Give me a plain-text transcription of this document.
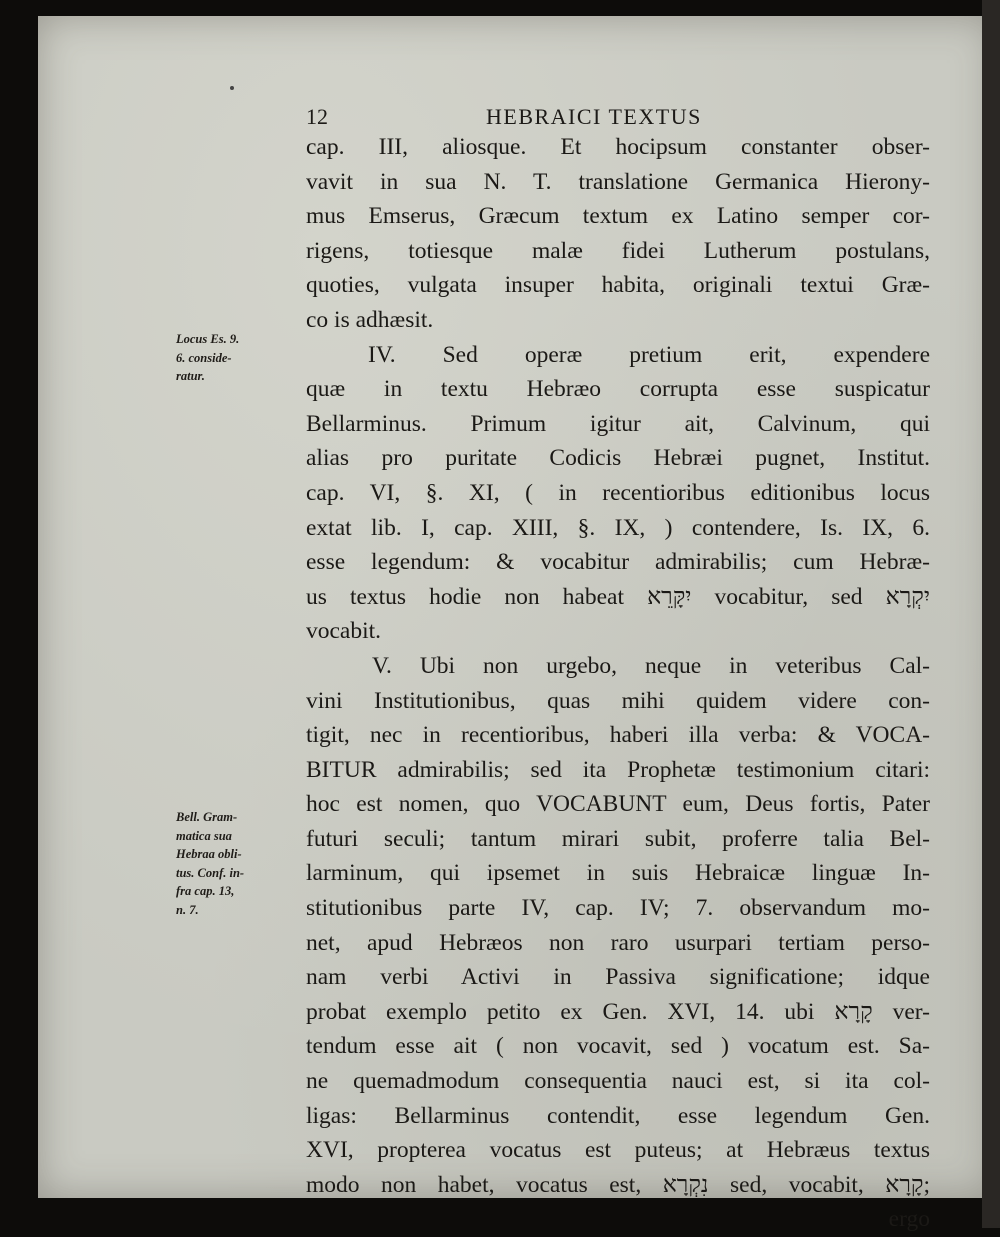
12	HEBRAICI TEXTUS
Locus Es. 9.
6. conside-
ratur.
Bell. Gram-
matica sua
Hebraa obli-
tus. Conf. in-
fra cap. 13,
n. 7.
cap. III, aliosque. Et hocipsum constanter obser-
vavit in sua N. T. translatione Germanica Hierony-
mus Emserus, Græcum textum ex Latino semper cor-
rigens, totiesque malæ fidei Lutherum postulans,
quoties, vulgata insuper habita, originali textui Græ-
co is adhæsit.
IV. Sed operæ pretium erit, expendere
quæ in textu Hebræo corrupta esse suspicatur
Bellarminus. Primum igitur ait, Calvinum, qui
alias pro puritate Codicis Hebræi pugnet, Institut.
cap. VI, §. XI, ( in recentioribus editionibus locus
extat lib. I, cap. XIII, §. IX, ) contendere, Is. IX, 6.
esse legendum: & vocabitur admirabilis; cum Hebræ-
us textus hodie non habeat יִקָּרֵא vocabitur, sed יִקְרָא
vocabit.
V. Ubi non urgebo, neque in veteribus Cal-
vini Institutionibus, quas mihi quidem videre con-
tigit, nec in recentioribus, haberi illa verba: & VOCA-
BITUR admirabilis; sed ita Prophetæ testimonium citari:
hoc est nomen, quo VOCABUNT eum, Deus fortis, Pater
futuri seculi; tantum mirari subit, proferre talia Bel-
larminum, qui ipsemet in suis Hebraicæ linguæ In-
stitutionibus parte IV, cap. IV; 7. observandum mo-
net, apud Hebræos non raro usurpari tertiam perso-
nam verbi Activi in Passiva significatione; idque
probat exemplo petito ex Gen. XVI, 14. ubi קָרָא ver-
tendum esse ait ( non vocavit, sed ) vocatum est. Sa-
ne quemadmodum consequentia nauci est, si ita col-
ligas: Bellarminus contendit, esse legendum Gen.
XVI, propterea vocatus est puteus; at Hebræus textus
modo non habet, vocatus est, נִקְרָא sed, vocabit, קָרָא;
ergo
